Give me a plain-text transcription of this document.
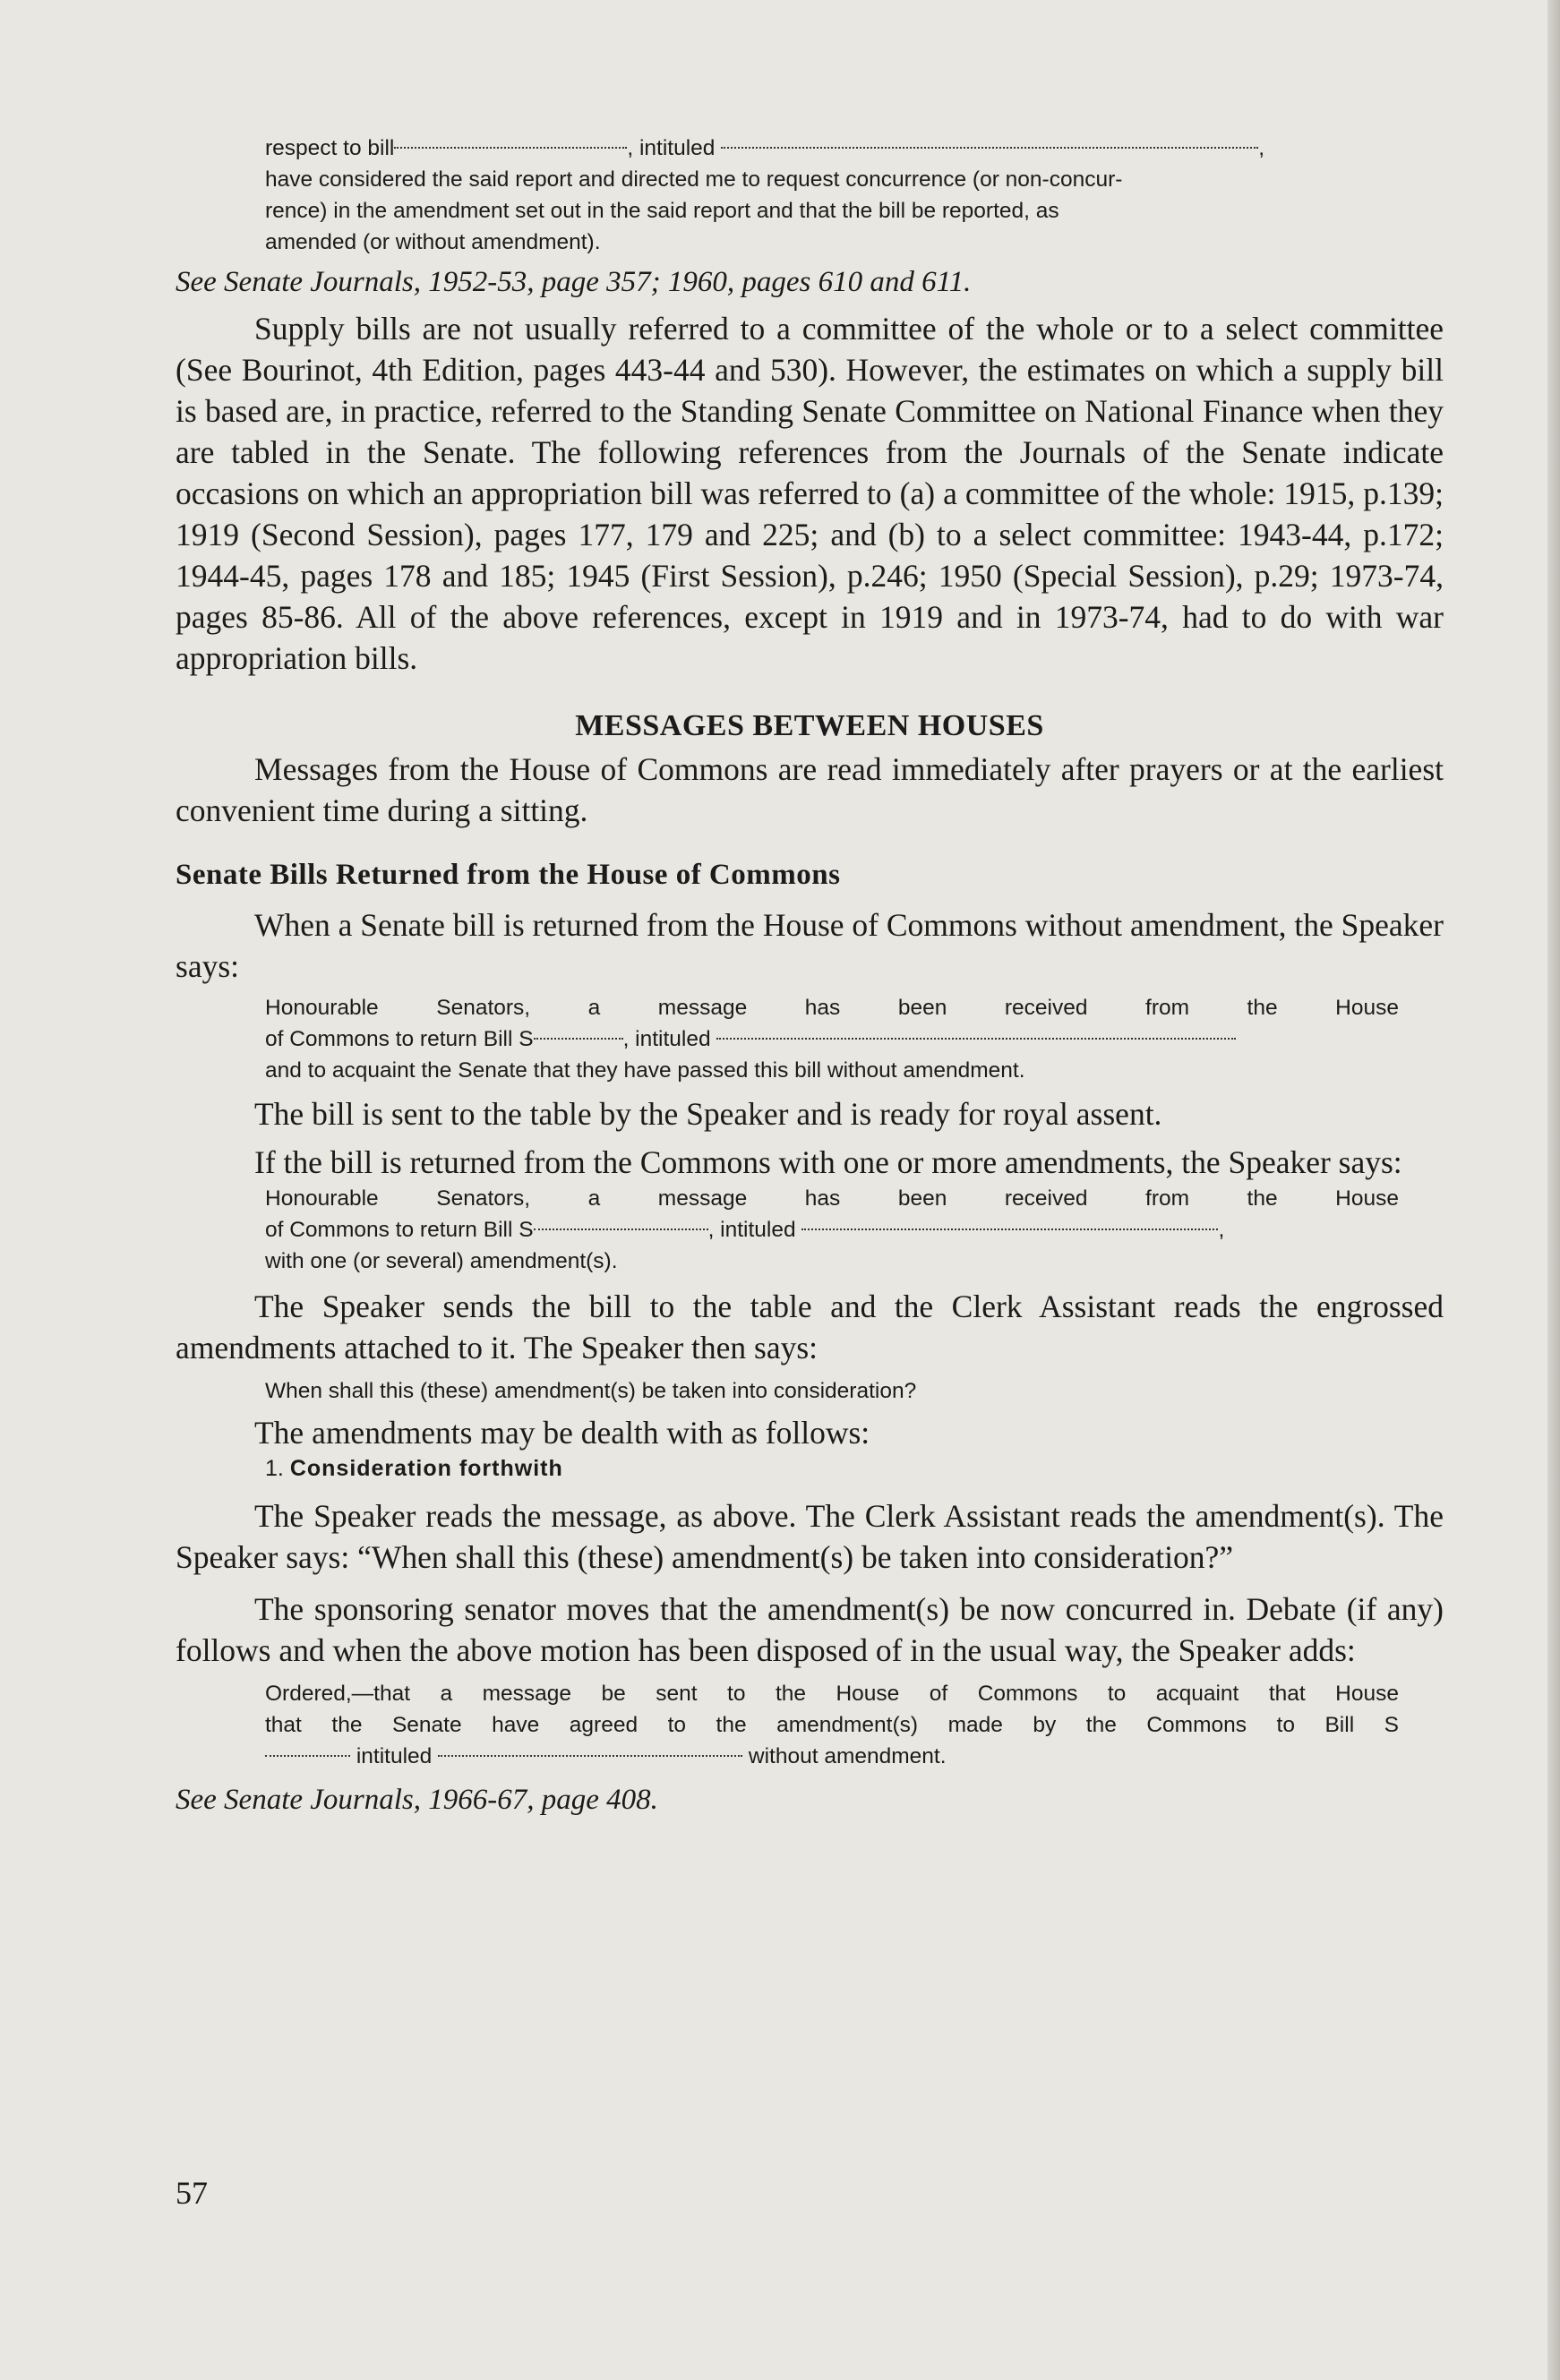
respect to bill	, intituled	,

have considered the said report and directed me to request concurrence (or non-concur-

rence) in the amendment set out in the said report and that the bill be reported, as

amended (or without amendment).

See Senate Journals, 1952-53, page 357; 1960, pages 610 and 611.

Supply bills are not usually referred to a committee of the whole or to a select committee (See Bourinot, 4th Edition, pages 443-44 and 530). However, the estimates on which a supply bill is based are, in practice, referred to the Standing Senate Committee on National Finance when they are tabled in the Senate. The following references from the Journals of the Senate indicate occasions on which an appropriation bill was referred to (a) a committee of the whole: 1915, p.139; 1919 (Second Session), pages 177, 179 and 225; and (b) to a select committee: 1943-44, p.172; 1944-45, pages 178 and 185; 1945 (First Session), p.246; 1950 (Special Session), p.29; 1973-74, pages 85-86. All of the above references, except in 1919 and in 1973-74, had to do with war appropriation bills.

MESSAGES BETWEEN HOUSES

Messages from the House of Commons are read immediately after prayers or at the earliest convenient time during a sitting.

Senate Bills Returned from the House of Commons

When a Senate bill is returned from the House of Commons without amendment, the Speaker says:

Honourable Senators, a message has been received from the House

of Commons to return Bill S	, intituled

and to acquaint the Senate that they have passed this bill without amendment.

The bill is sent to the table by the Speaker and is ready for royal assent.

If the bill is returned from the Commons with one or more amendments, the Speaker says:

Honourable Senators, a message has been received from the House

of Commons to return Bill S	, intituled	,

with one (or several) amendment(s).

The Speaker sends the bill to the table and the Clerk Assistant reads the engrossed amendments attached to it. The Speaker then says:

When shall this (these) amendment(s) be taken into consideration?

The amendments may be dealth with as follows:

1. Consideration forthwith

The Speaker reads the message, as above. The Clerk Assistant reads the amendment(s). The Speaker says: “When shall this (these) amendment(s) be taken into consideration?”

The sponsoring senator moves that the amendment(s) be now concurred in. Debate (if any) follows and when the above motion has been disposed of in the usual way, the Speaker adds:

Ordered,—that a message be sent to the House of Commons to acquaint that House

that the Senate have agreed to the amendment(s) made by the Commons to Bill S

intituled	without amendment.

See Senate Journals, 1966-67, page 408.

57
